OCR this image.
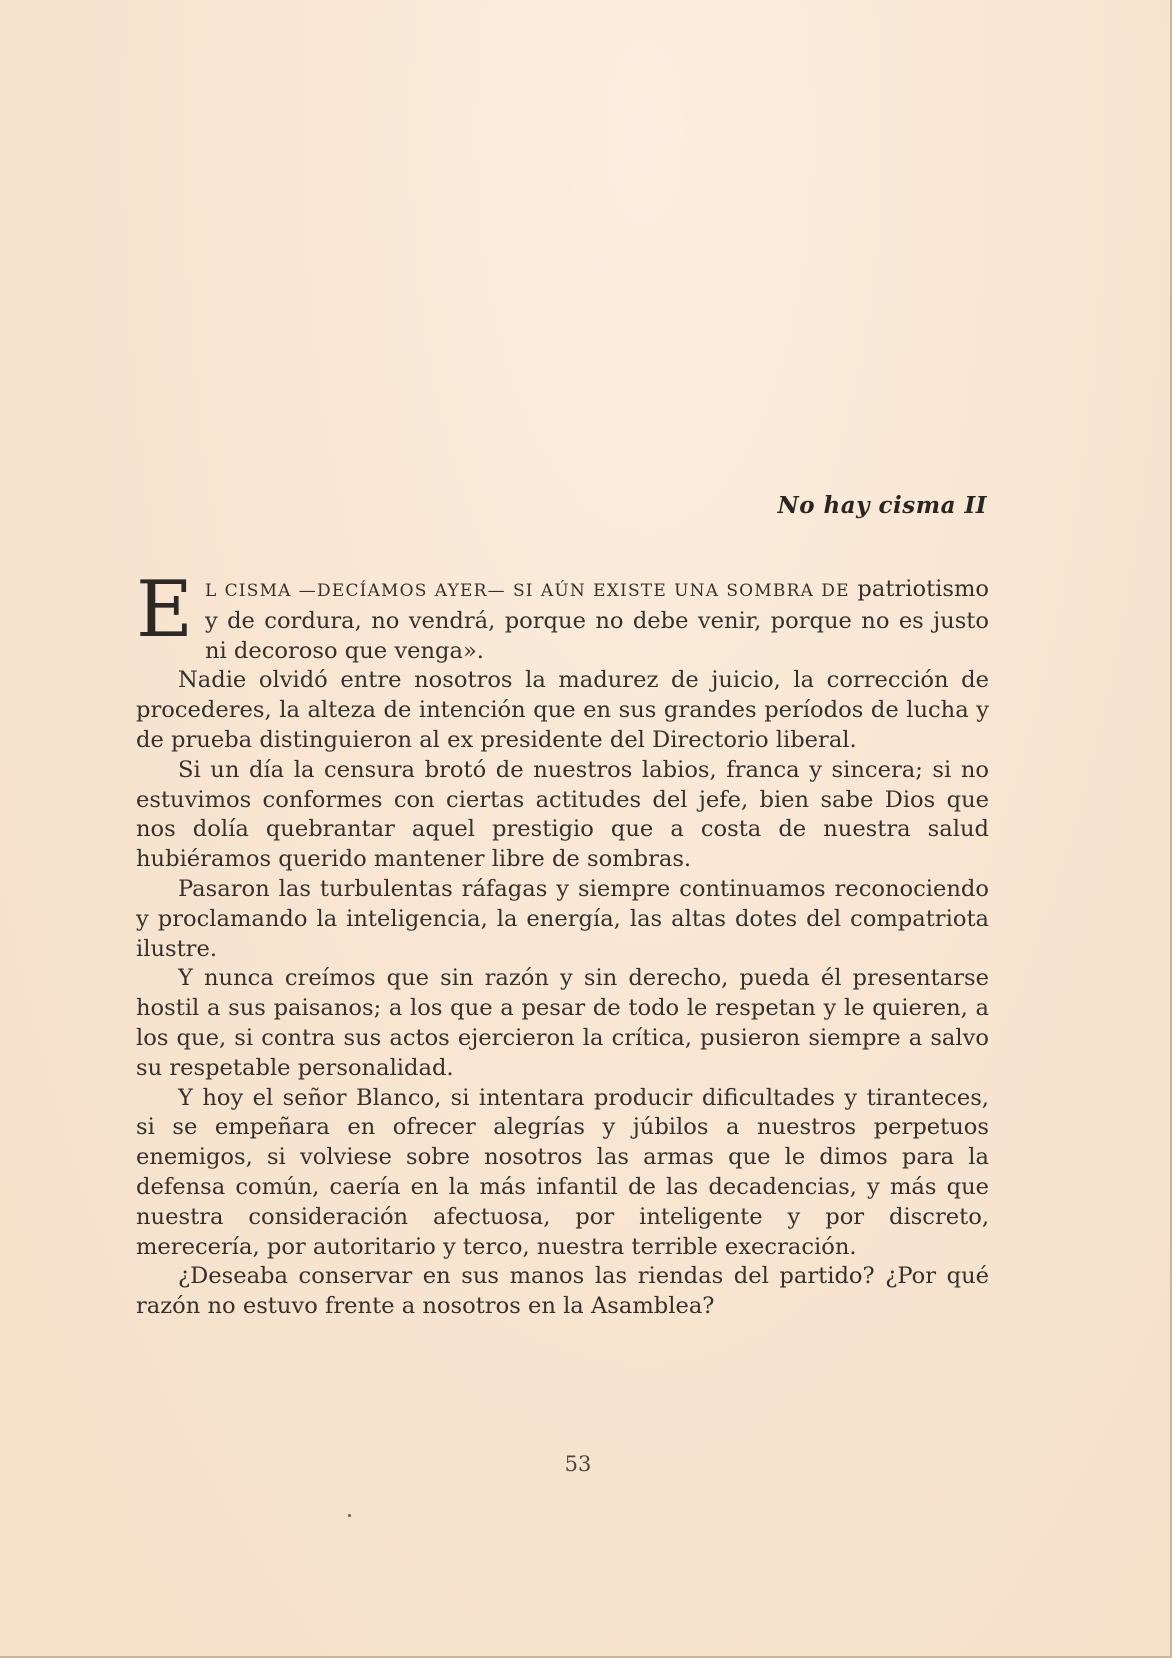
No hay cisma II

E L CISMA —DECÍAMOS AYER— SI AÚN EXISTE UNA SOMBRA DE patriotismo y de cordura, no vendrá, porque no debe venir, porque no es justo ni decoroso que venga».

Nadie olvidó entre nosotros la madurez de juicio, la corrección de procederes, la alteza de intención que en sus grandes períodos de lucha y de prueba distinguieron al ex presidente del Directorio liberal.

Si un día la censura brotó de nuestros labios, franca y sincera; si no estuvimos conformes con ciertas actitudes del jefe, bien sabe Dios que nos dolía quebrantar aquel prestigio que a costa de nuestra salud hubiéramos querido mantener libre de sombras.

Pasaron las turbulentas ráfagas y siempre continuamos reconociendo y proclamando la inteligencia, la energía, las altas dotes del compatriota ilustre.

Y nunca creímos que sin razón y sin derecho, pueda él presentarse hostil a sus paisanos; a los que a pesar de todo le respetan y le quieren, a los que, si contra sus actos ejercieron la crítica, pusieron siempre a salvo su respetable personalidad.

Y hoy el señor Blanco, si intentara producir dificultades y tiranteces, si se empeñara en ofrecer alegrías y júbilos a nuestros perpetuos enemigos, si volviese sobre nosotros las armas que le dimos para la defensa común, caería en la más infantil de las decadencias, y más que nuestra consideración afectuosa, por inteligente y por discreto, merecería, por autoritario y terco, nuestra terrible execración.

¿Deseaba conservar en sus manos las riendas del partido? ¿Por qué razón no estuvo frente a nosotros en la Asamblea?

53
